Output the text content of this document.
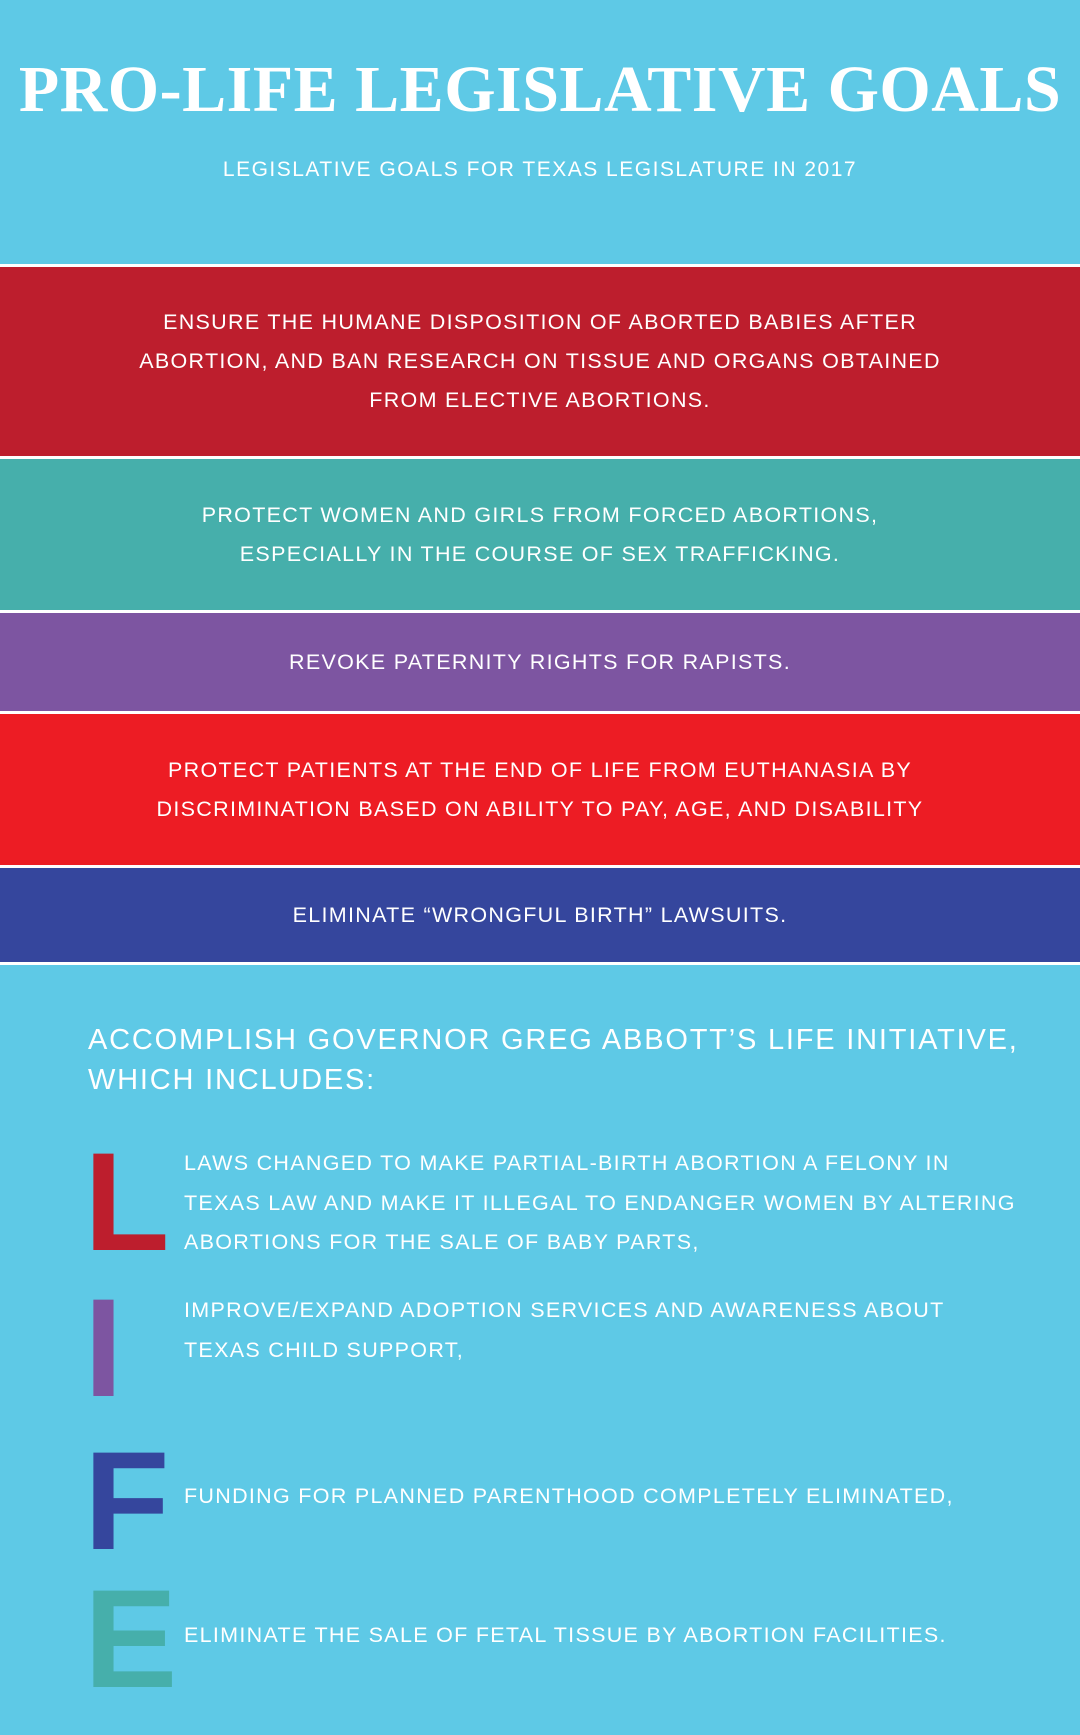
PRO-LIFE LEGISLATIVE GOALS
LEGISLATIVE GOALS FOR TEXAS LEGISLATURE IN 2017
ENSURE THE HUMANE DISPOSITION OF ABORTED BABIES AFTER ABORTION, AND BAN RESEARCH ON TISSUE AND ORGANS OBTAINED FROM ELECTIVE ABORTIONS.
PROTECT WOMEN AND GIRLS FROM FORCED ABORTIONS, ESPECIALLY IN THE COURSE OF SEX TRAFFICKING.
REVOKE PATERNITY RIGHTS FOR RAPISTS.
PROTECT PATIENTS AT THE END OF LIFE FROM EUTHANASIA BY DISCRIMINATION BASED ON ABILITY TO PAY, AGE, AND DISABILITY
ELIMINATE “WRONGFUL BIRTH” LAWSUITS.
ACCOMPLISH GOVERNOR GREG ABBOTT’S LIFE INITIATIVE, WHICH INCLUDES:
L LAWS CHANGED TO MAKE PARTIAL-BIRTH ABORTION A FELONY IN TEXAS LAW AND MAKE IT ILLEGAL TO ENDANGER WOMEN BY ALTERING ABORTIONS FOR THE SALE OF BABY PARTS,
I	IMPROVE/EXPAND ADOPTION SERVICES AND AWARENESS ABOUT TEXAS CHILD SUPPORT,
F FUNDING FOR PLANNED PARENTHOOD COMPLETELY ELIMINATED,
E ELIMINATE THE SALE OF FETAL TISSUE BY ABORTION FACILITIES.
